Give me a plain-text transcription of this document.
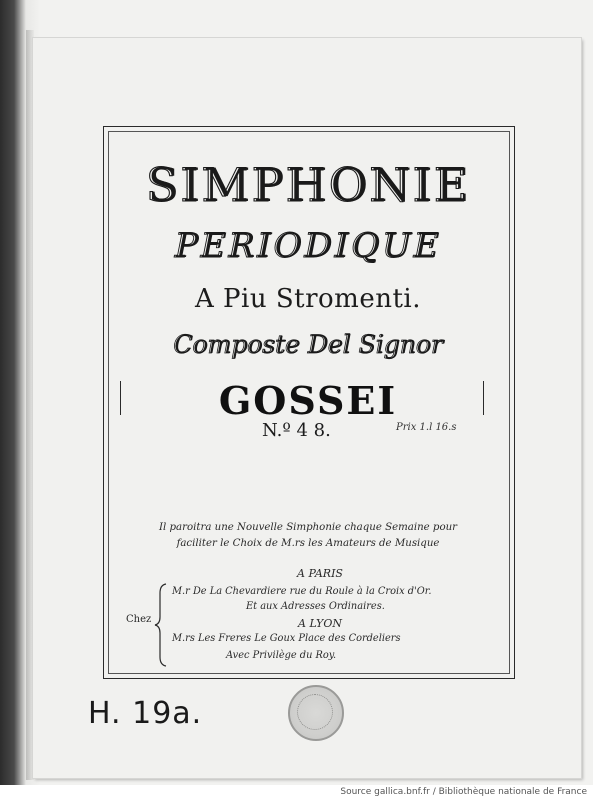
SIMPHONIE
PERIODIQUE
A Piu Stromenti.
Composte Del Signor
GOSSEI
N.º 4 8.	Prix 1.l 16.s
Il paroitra une Nouvelle Simphonie chaque Semaine pour
faciliter le Choix de M.rs les Amateurs de Musique
A PARIS
M.r De La Chevardiere rue du Roule à la Croix d'Or.
Et aux Adresses Ordinaires.
A LYON
M.rs Les Freres Le Goux Place des Cordeliers
Avec Privilège du Roy.
Chez
H. 19a.
Source gallica.bnf.fr / Bibliothèque nationale de France
